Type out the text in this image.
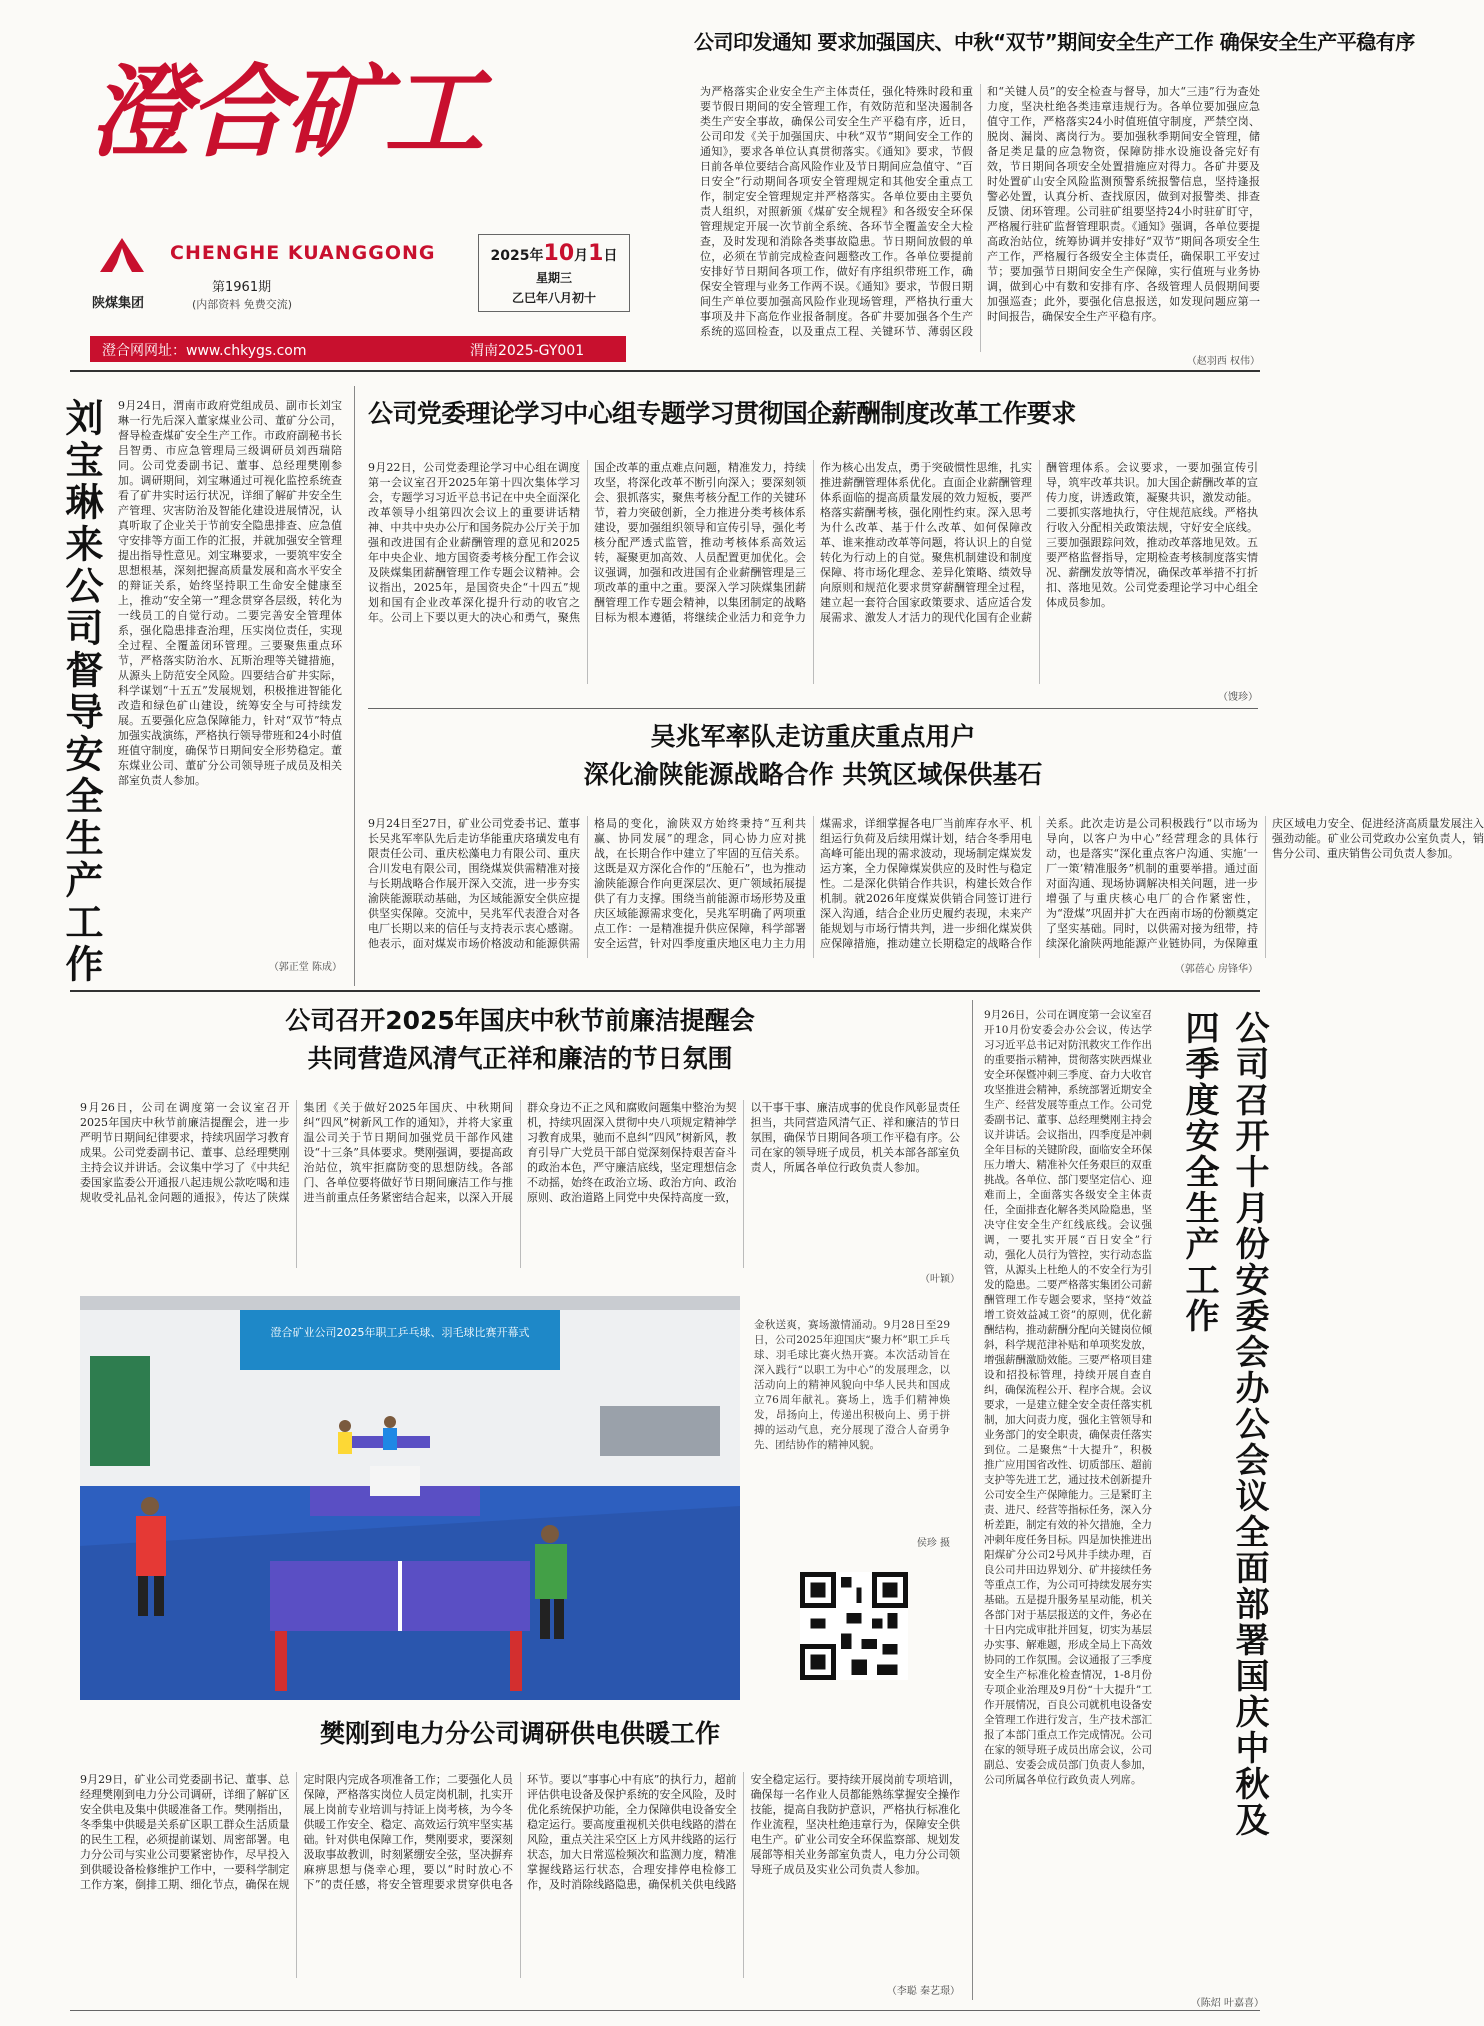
澄合矿工
陕煤集团
CHENGHE KUANGGONG
第1961期
(内部资料 免费交流)
2025年10月1日
星期三
乙巳年八月初十
澄合网网址：www.chkygs.com	渭南2025-GY001
公司印发通知 要求加强国庆、中秋“双节”期间安全生产工作 确保安全生产平稳有序
为严格落实企业安全生产主体责任，强化特殊时段和重要节假日期间的安全管理工作，有效防范和坚决遏制各类生产安全事故，确保公司安全生产平稳有序，近日，公司印发《关于加强国庆、中秋“双节”期间安全工作的通知》，要求各单位认真贯彻落实。《通知》要求，节假日前各单位要结合高风险作业及节日期间应急值守、“百日安全”行动期间各项安全管理规定和其他安全重点工作，制定安全管理规定并严格落实。各单位要由主要负责人组织，对照新颁《煤矿安全规程》和各级安全环保管理规定开展一次节前全系统、各环节全覆盖安全大检查，及时发现和消除各类事故隐患。节日期间放假的单位，必须在节前完成检查问题整改工作。各单位要提前安排好节日期间各项工作，做好有序组织带班工作，确保安全管理与业务工作两不误。《通知》要求，节假日期间生产单位要加强高风险作业现场管理，严格执行重大事项及井下高危作业报备制度。各矿井要加强各个生产系统的巡回检查，以及重点工程、关键环节、薄弱区段和“关键人员”的安全检查与督导，加大“三违”行为查处力度，坚决杜绝各类违章违规行为。各单位要加强应急值守工作，严格落实24小时值班值守制度，严禁空岗、脱岗、漏岗、离岗行为。要加强秋季期间安全管理，储备足类足量的应急物资，保障防排水设施设备完好有效，节日期间各项安全处置措施应对得力。各矿井要及时处置矿山安全风险监测预警系统报警信息，坚持逢报警必处置，认真分析、查找原因，做到对报警类、排查反馈、闭环管理。公司驻矿组要坚持24小时驻矿盯守，严格履行驻矿监督管理职责。《通知》强调，各单位要提高政治站位，统筹协调并安排好“双节”期间各项安全生产工作，严格履行各级安全主体责任，确保职工平安过节；要加强节日期间安全生产保障，实行值班与业务协调，做到心中有数和安排有序、各级管理人员假期间要加强巡查；此外，要强化信息报送，如发现问题应第一时间报告，确保安全生产平稳有序。
（赵羽西 权伟）
刘宝琳来公司督导安全生产工作 9月24日，渭南市政府党组成员、副市长刘宝琳一行先后深入董家煤业公司、董矿分公司，督导检查煤矿安全生产工作。市政府副秘书长吕智勇、市应急管理局三级调研员刘西瑞陪同。公司党委副书记、董事、总经理樊刚参加。调研期间，刘宝琳通过可视化监控系统查看了矿井实时运行状况，详细了解矿井安全生产管理、灾害防治及智能化建设进展情况，认真听取了企业关于节前安全隐患排查、应急值守安排等方面工作的汇报，并就加强安全管理提出指导性意见。刘宝琳要求，一要筑牢安全思想根基，深刻把握高质量发展和高水平安全的辩证关系，始终坚持职工生命安全健康至上，推动“安全第一”理念贯穿各层级，转化为一线员工的自觉行动。二要完善安全管理体系，强化隐患排查治理，压实岗位责任，实现全过程、全覆盖闭环管理。三要聚焦重点环节，严格落实防治水、瓦斯治理等关键措施，从源头上防范安全风险。四要结合矿井实际，科学谋划“十五五”发展规划，积极推进智能化改造和绿色矿山建设，统筹安全与可持续发展。五要强化应急保障能力，针对“双节”特点加强实战演练，严格执行领导带班和24小时值班值守制度，确保节日期间安全形势稳定。董东煤业公司、董矿分公司领导班子成员及相关部室负责人参加。
（郭正堂 陈成）
公司党委理论学习中心组专题学习贯彻国企薪酬制度改革工作要求
9月22日，公司党委理论学习中心组在调度第一会议室召开2025年第十四次集体学习会，专题学习习近平总书记在中央全面深化改革领导小组第四次会议上的重要讲话精神、中共中央办公厅和国务院办公厅关于加强和改进国有企业薪酬管理的意见和2025年中央企业、地方国资委考核分配工作会议及陕煤集团薪酬管理工作专题会议精神。会议指出，2025年，是国资央企“十四五”规划和国有企业改革深化提升行动的收官之年。公司上下要以更大的决心和勇气，聚焦国企改革的重点难点问题，精准发力，持续攻坚，将深化改革不断引向深入；要深刻领会、狠抓落实，聚焦考核分配工作的关键环节，着力突破创新，全力推进分类考核体系建设，要加强组织领导和宣传引导，强化考核分配严透式监管，推动考核体系高效运转，凝聚更加高效、人员配置更加优化。会议强调，加强和改进国有企业薪酬管理是三项改革的重中之重。要深入学习陕煤集团薪酬管理工作专题会精神，以集团制定的战略目标为根本遵循，将继续企业活力和竞争力作为核心出发点，勇于突破惯性思维，扎实推进薪酬管理体系优化。直面企业薪酬管理体系面临的提高质量发展的效力短板，要严格落实薪酬考核，强化刚性约束。深入思考为什么改革、基于什么改革、如何保障改革、谁来推动改革等问题，将认识上的自觉转化为行动上的自觉。聚焦机制建设和制度保障、将市场化理念、差异化策略、绩效导向原则和规范化要求贯穿薪酬管理全过程，建立起一套符合国家政策要求、适应适合发展需求、激发人才活力的现代化国有企业薪酬管理体系。会议要求，一要加强宣传引导，筑牢改革共识。加大国企薪酬改革的宣传力度，讲透政策，凝聚共识，激发动能。二要抓实落地执行，守住规范底线。严格执行收入分配相关政策法规，守好安全底线。三要加强跟踪问效，推动改革落地见效。五要严格监督指导，定期检查考核制度落实情况、薪酬发放等情况，确保改革举措不打折扣、落地见效。公司党委理论学习中心组全体成员参加。
（馊珍）
吴兆军率队走访重庆重点用户
深化渝陕能源战略合作 共筑区域保供基石
9月24日至27日，矿业公司党委书记、董事长吴兆军率队先后走访华能重庆珞璜发电有限责任公司、重庆松藻电力有限公司、重庆合川发电有限公司，围绕煤炭供需精准对接与长期战略合作展开深入交流，进一步夯实渝陕能源联动基础，为区域能源安全供应提供坚实保障。交流中，吴兆军代表澄合对各电厂长期以来的信任与支持表示衷心感谢。他表示，面对煤炭市场价格波动和能源供需格局的变化，渝陕双方始终秉持“互利共赢、协同发展”的理念，同心协力应对挑战，在长期合作中建立了牢固的互信关系。这既是双方深化合作的“压舱石”，也为推动渝陕能源合作向更深层次、更广领域拓展提供了有力支撑。围绕当前能源市场形势及重庆区域能源需求变化，吴兆军明确了两项重点工作：一是精准提升供应保障，科学部署安全运营，针对四季度重庆地区电力主力用煤需求，详细掌握各电厂当前库存水平、机组运行负荷及后续用煤计划，结合冬季用电高峰可能出现的需求波动，现场制定煤炭发运方案，全力保障煤炭供应的及时性与稳定性。二是深化供销合作共识，构建长效合作机制。就2026年度煤炭供销合同签订进行深入沟通，结合企业历史履约表现，未来产能规划与市场行情共判，进一步细化煤炭供应保障措施，推动建立长期稳定的战略合作关系。此次走访是公司积极践行“以市场为导向，以客户为中心”经营理念的具体行动，也是落实“深化重点客户沟通、实施‘一厂一策’精准服务”机制的重要举措。通过面对面沟通、现场协调解决相关问题，进一步增强了与重庆核心电厂的合作紧密性，为“澄煤”巩固并扩大在西南市场的份额奠定了坚实基础。同时，以供需对接为纽带，持续深化渝陕两地能源产业链协同，为保障重庆区域电力安全、促进经济高质量发展注入强劲动能。矿业公司党政办公室负责人，销售分公司、重庆销售公司负责人参加。
（郭蓓心 房锋华）
公司召开2025年国庆中秋节前廉洁提醒会
共同营造风清气正祥和廉洁的节日氛围
9月26日，公司在调度第一会议室召开2025年国庆中秋节前廉洁提醒会，进一步严明节日期间纪律要求，持续巩固学习教育成果。公司党委副书记、董事、总经理樊刚主持会议并讲话。会议集中学习了《中共纪委国家监委公开通报八起违规公款吃喝和违规收受礼品礼金问题的通报》，传达了陕煤集团《关于做好2025年国庆、中秋期间纠“四风”树新风工作的通知》，并将大家重温公司关于节日期间加强党员干部作风建设“十三条”具体要求。樊刚强调，要提高政治站位，筑牢拒腐防变的思想防线。各部门、各单位要将做好节日期间廉洁工作与推进当前重点任务紧密结合起来，以深入开展群众身边不正之风和腐败问题集中整治为契机，持续巩固深入贯彻中央八项规定精神学习教育成果，驰而不息纠“四风”树新风，教育引导广大党员干部自觉深刻保持艰苦奋斗的政治本色，严守廉洁底线，坚定理想信念不动摇，始终在政治立场、政治方向、政治原则、政治道路上同党中央保持高度一致，以干事干事、廉洁成事的优良作风彰显责任担当，共同营造风清气正、祥和廉洁的节日氛围，确保节日期间各项工作平稳有序。公司在家的领导班子成员，机关本部各部室负责人，所属各单位行政负责人参加。
（叶颖）
澄合矿业公司2025年职工乒乓球、羽毛球比赛开幕式
金秋送爽，赛场激情涌动。9月28日至29日，公司2025年迎国庆“聚力杯”职工乒乓球、羽毛球比赛火热开赛。本次活动旨在深入践行“以职工为中心”的发展理念，以活动向上的精神风貌向中华人民共和国成立76周年献礼。赛场上，选手们精神焕发，昂扬向上，传递出积极向上、勇于拼搏的运动气息，充分展现了澄合人奋勇争先、团结协作的精神风貌。
侯珍 摄
樊刚到电力分公司调研供电供暖工作
9月29日，矿业公司党委副书记、董事、总经理樊刚到电力分公司调研，详细了解矿区安全供电及集中供暖准备工作。樊刚指出，冬季集中供暖是关系矿区职工群众生活质量的民生工程，必须提前谋划、周密部署。电力分公司与实业公司要紧密协作，尽早投入到供暖设备检修维护工作中，一要科学制定工作方案，倒排工期、细化节点，确保在规定时限内完成各项准备工作；二要强化人员保障，严格落实岗位人员定岗机制，扎实开展上岗前专业培训与持证上岗考核，为今冬供暖工作安全、稳定、高效运行筑牢坚实基础。针对供电保障工作，樊刚要求，要深刻汲取事故教训，时刻紧绷安全弦，坚决摒弃麻痹思想与侥幸心理，要以“时时放心不下”的责任感，将安全管理要求贯穿供电各环节。要以“事事心中有底”的执行力，超前评估供电设备及保护系统的安全风险，及时优化系统保护功能，全力保障供电设备安全稳定运行。要高度重视机关供电线路的潜在风险，重点关注采空区上方风井线路的运行状态，加大日常巡检频次和监测力度，精准掌握线路运行状态，合理安排停电检修工作，及时消除线路隐患，确保机关供电线路安全稳定运行。要持续开展岗前专项培训，确保每一名作业人员都能熟练掌握安全操作技能，提高自我防护意识，严格执行标准化作业流程，坚决杜绝违章行为，保障安全供电生产。矿业公司安全环保监察部、规划发展部等相关业务部室负责人，电力分公司领导班子成员及实业公司负责人参加。
（李聪 秦艺璟）
9月26日，公司在调度第一会议室召开10月份安委会办公会议，传达学习习近平总书记对防汛救灾工作作出的重要指示精神，贯彻落实陕西煤业安全环保暨冲刺三季度、奋力大收官攻坚推进会精神，系统部署近期安全生产、经营发展等重点工作。公司党委副书记、董事、总经理樊刚主持会议并讲话。会议指出，四季度是冲刺全年目标的关键阶段，面临安全环保压力增大、精准补欠任务艰巨的双重挑战。各单位、部门要坚定信心、迎难而上，全面落实各级安全主体责任，全面排查化解各类风险隐患，坚决守住安全生产红线底线。会议强调，一要扎实开展“百日安全”行动，强化人员行为管控，实行动态监管，从源头上杜绝人的不安全行为引发的隐患。二要严格落实集团公司薪酬管理工作专题会要求，坚持“效益增工资效益减工资”的原则，优化薪酬结构，推动薪酬分配向关键岗位倾斜，科学规范津补贴和单项奖发放，增强薪酬激励效能。三要严格项目建设和招投标管理，持续开展自查自纠，确保流程公开、程序合规。会议要求，一是建立健全安全责任落实机制，加大问责力度，强化主管领导和业务部门的安全职责，确保责任落实到位。二是聚焦“十大提升”，积极推广应用国省改性、切质部压、超前支护等先进工艺，通过技术创新提升公司安全生产保障能力。三是紧盯主责、进尺、经营等指标任务，深入分析差距，制定有效的补欠措施，全力冲刺年度任务目标。四是加快推进出阳煤矿分公司2号风井手续办理，百良公司井田边界划分、矿井接续任务等重点工作，为公司可持续发展夯实基础。五是提升服务星星动能，机关各部门对于基层报送的文件，务必在十日内完成审批并回复，切实为基层办实事、解难题，形成全局上下高效协同的工作氛围。会议通报了三季度安全生产标准化检查情况，1-8月份专项企业治理及9月份“十大提升”工作开展情况，百良公司就机电设备安全管理工作进行发言，生产技术部汇报了本部门重点工作完成情况。公司在家的领导班子成员出席会议，公司副总、安委会成员部门负责人参加，公司所属各单位行政负责人列席。	公司召开十月份安委会办公会议全面部署国庆中秋及四季度安全生产工作
（陈炤 叶嘉喜）
